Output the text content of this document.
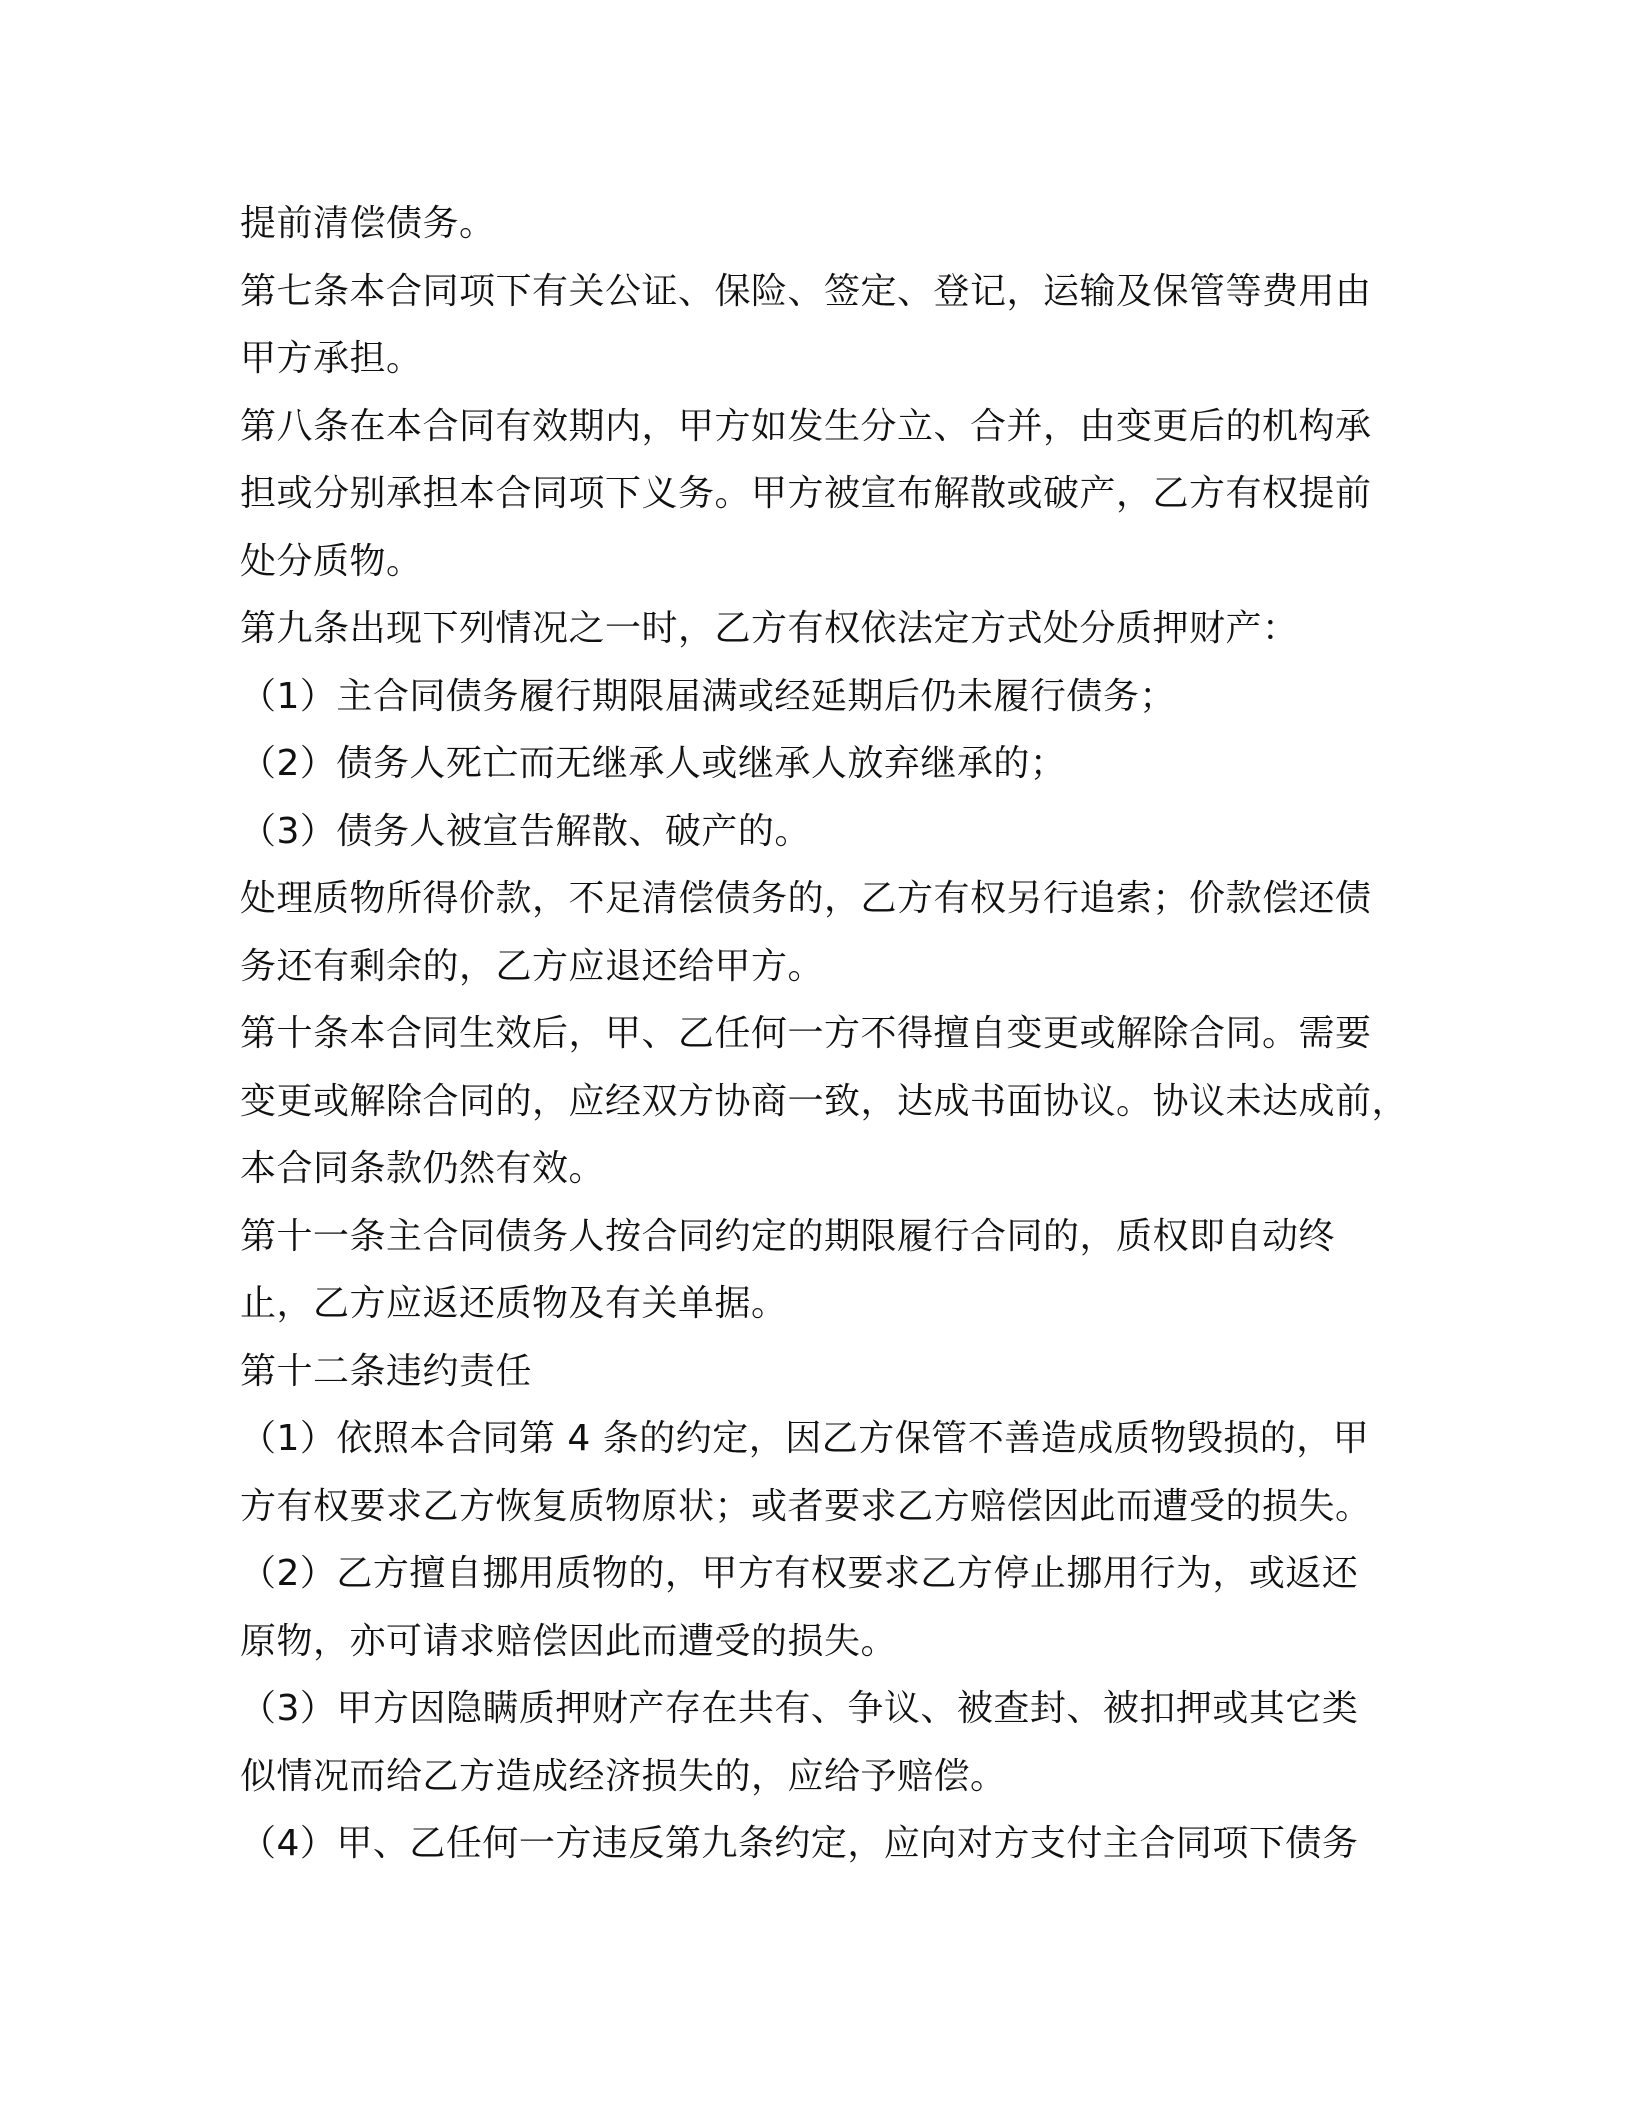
提前清偿债务。
第七条本合同项下有关公证、保险、签定、登记，运输及保管等费用由
甲方承担。
第八条在本合同有效期内，甲方如发生分立、合并，由变更后的机构承
担或分别承担本合同项下义务。甲方被宣布解散或破产，乙方有权提前
处分质物。
第九条出现下列情况之一时，乙方有权依法定方式处分质押财产：
（1）主合同债务履行期限届满或经延期后仍未履行债务；
（2）债务人死亡而无继承人或继承人放弃继承的；
（3）债务人被宣告解散、破产的。
处理质物所得价款，不足清偿债务的，乙方有权另行追索；价款偿还债
务还有剩余的，乙方应退还给甲方。
第十条本合同生效后，甲、乙任何一方不得擅自变更或解除合同。需要
变更或解除合同的，应经双方协商一致，达成书面协议。协议未达成前，
本合同条款仍然有效。
第十一条主合同债务人按合同约定的期限履行合同的，质权即自动终
止，乙方应返还质物及有关单据。
第十二条违约责任
（1）依照本合同第 4 条的约定，因乙方保管不善造成质物毁损的，甲
方有权要求乙方恢复质物原状；或者要求乙方赔偿因此而遭受的损失。
（2）乙方擅自挪用质物的，甲方有权要求乙方停止挪用行为，或返还
原物，亦可请求赔偿因此而遭受的损失。
（3）甲方因隐瞒质押财产存在共有、争议、被查封、被扣押或其它类
似情况而给乙方造成经济损失的，应给予赔偿。
（4）甲、乙任何一方违反第九条约定，应向对方支付主合同项下债务
